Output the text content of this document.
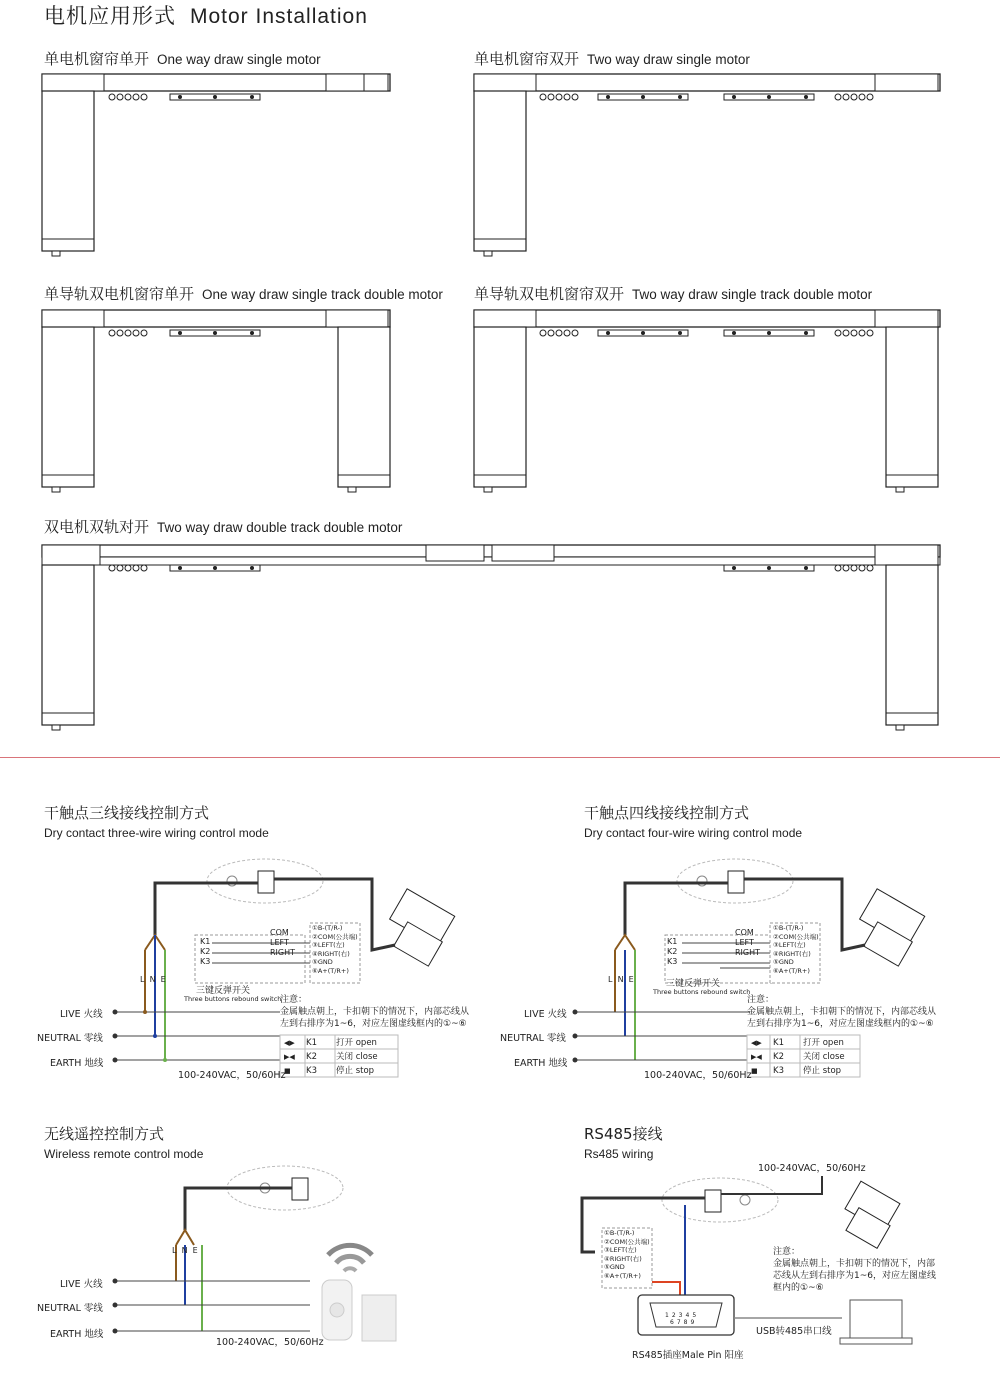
电机应用形式 Motor Installation
单电机窗帘单开 One way draw single motor	单电机窗帘双开 Two way draw single motor
单导轨双电机窗帘单开 One way draw single track double motor 单导轨双电机窗帘双开 Two way draw single track double motor
双电机双轨对开 Two way draw double track double motor
干触点三线接线控制方式
Dry contact three-wire wiring control mode
干触点四线接线控制方式
Dry contact four-wire wiring control mode
无线遥控控制方式
Wireless remote control mode
RS485接线
Rs485 wiring
L N E
LIVE 火线
NEUTRAL 零线
EARTH 地线
100-240VAC，50/60Hz
K1
K2
K3
COM
LEFT
RIGHT
①B-(T/R-)
②COM(公共端)
③LEFT(左)
④RIGHT(右)
⑤GND
⑥A+(T/R+)
三键反弹开关
Three buttons rebound switch
注意：
金属触点朝上，卡扣朝下的情况下，内部芯线从
左到右排序为1~6，对应左图虚线框内的①~⑥
◀▶ K1 打开 open
▶◀ K2 关闭 close
■ K3 停止 stop
L N E
LIVE 火线
NEUTRAL 零线
EARTH 地线
100-240VAC，50/60Hz
K1
K2
K3
COM
LEFT
RIGHT
①B-(T/R-)
②COM(公共端)
③LEFT(左)
④RIGHT(右)
⑤GND
⑥A+(T/R+)
三键反弹开关
Three buttons rebound switch
注意：
金属触点朝上，卡扣朝下的情况下，内部芯线从
左到右排序为1~6，对应左图虚线框内的①~⑥
◀▶ K1 打开 open
▶◀ K2 关闭 close
■ K3 停止 stop
L N E
LIVE 火线
NEUTRAL 零线
EARTH 地线
100-240VAC，50/60Hz
100-240VAC，50/60Hz
①B-(T/R-)
②COM(公共端)
③LEFT(左)
④RIGHT(右)
⑤GND
⑥A+(T/R+)
注意：
金属触点朝上，卡扣朝下的情况下，内部
芯线从左到右排序为1~6，对应左图虚线
框内的①~⑥
12345
6789
USB转485串口线
RS485插座Male Pin 阳座
